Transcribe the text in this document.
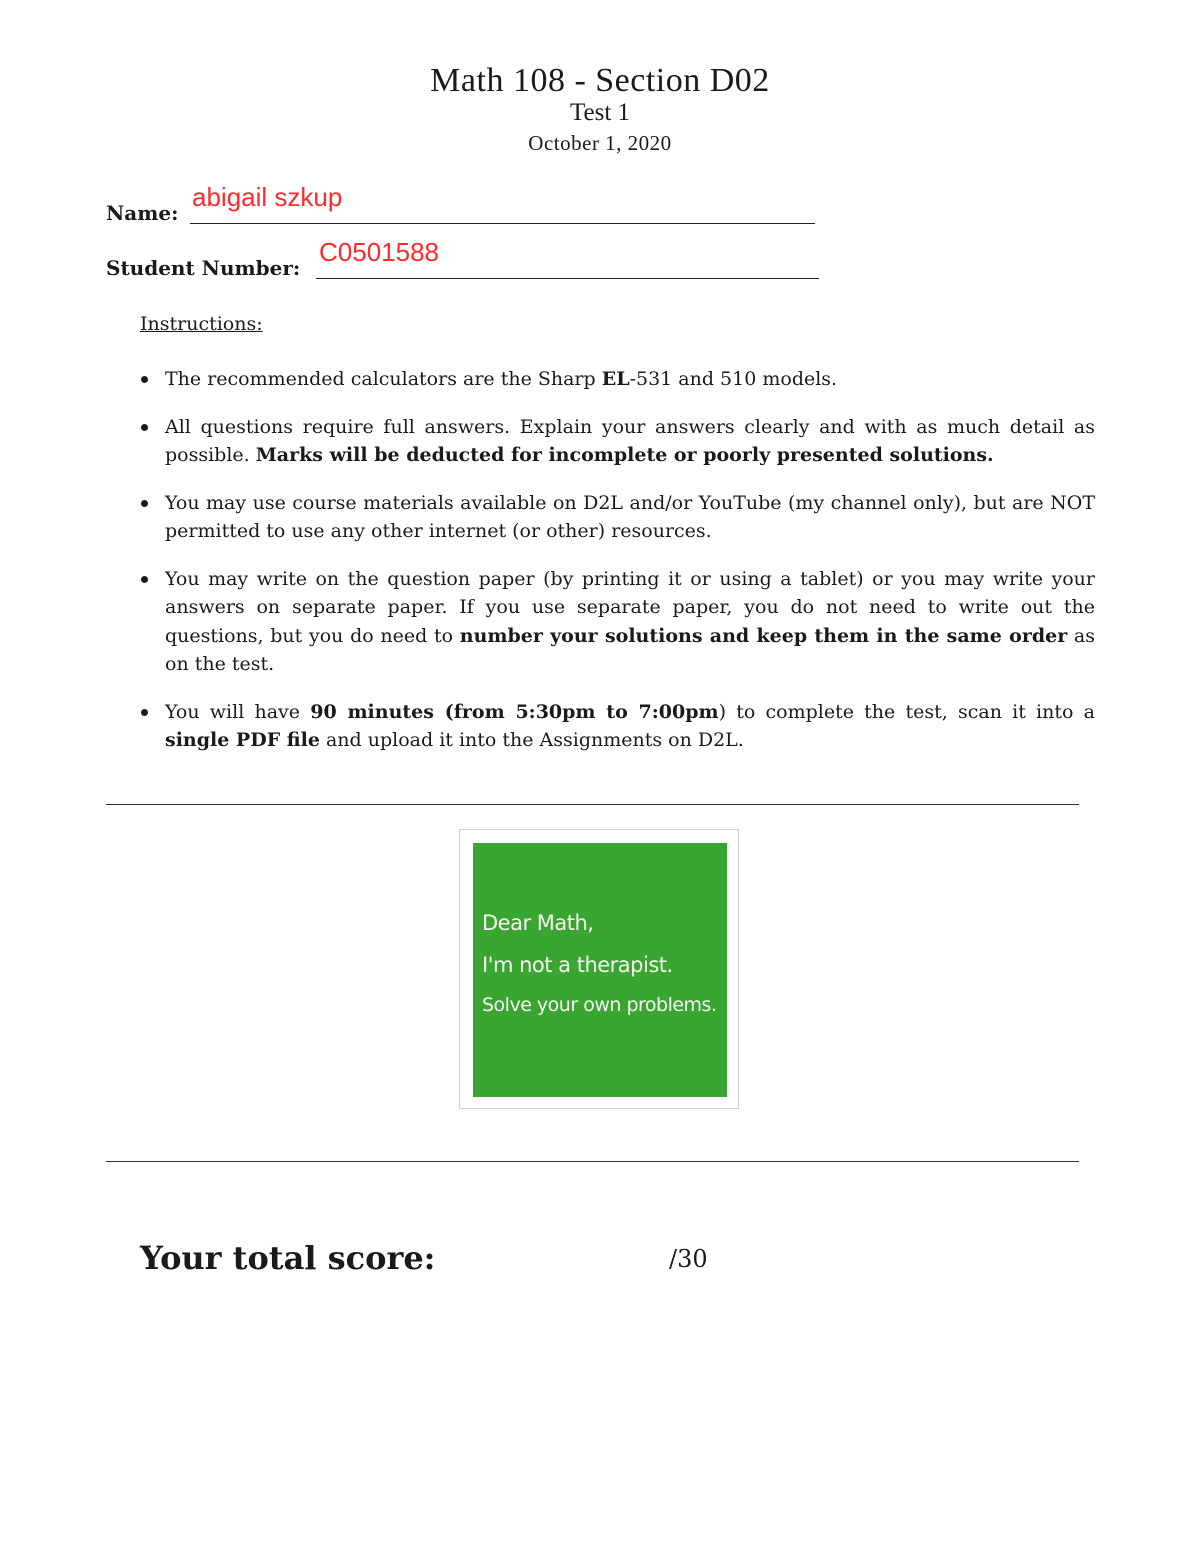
Math 108 - Section D02
Test 1
October 1, 2020
Name:
abigail szkup
Student Number:
C0501588
Instructions:
The recommended calculators are the Sharp EL-531 and 510 models.
All questions require full answers. Explain your answers clearly and with as much detail as possible. Marks will be deducted for incomplete or poorly presented solutions.
You may use course materials available on D2L and/or YouTube (my channel only), but are NOT permitted to use any other internet (or other) resources.
You may write on the question paper (by printing it or using a tablet) or you may write your answers on separate paper. If you use separate paper, you do not need to write out the questions, but you do need to number your solutions and keep them in the same order as on the test.
You will have 90 minutes (from 5:30pm to 7:00pm) to complete the test, scan it into a single PDF file and upload it into the Assignments on D2L.
Dear Math,
I'm not a therapist.
Solve your own problems.
Your total score:	/30
